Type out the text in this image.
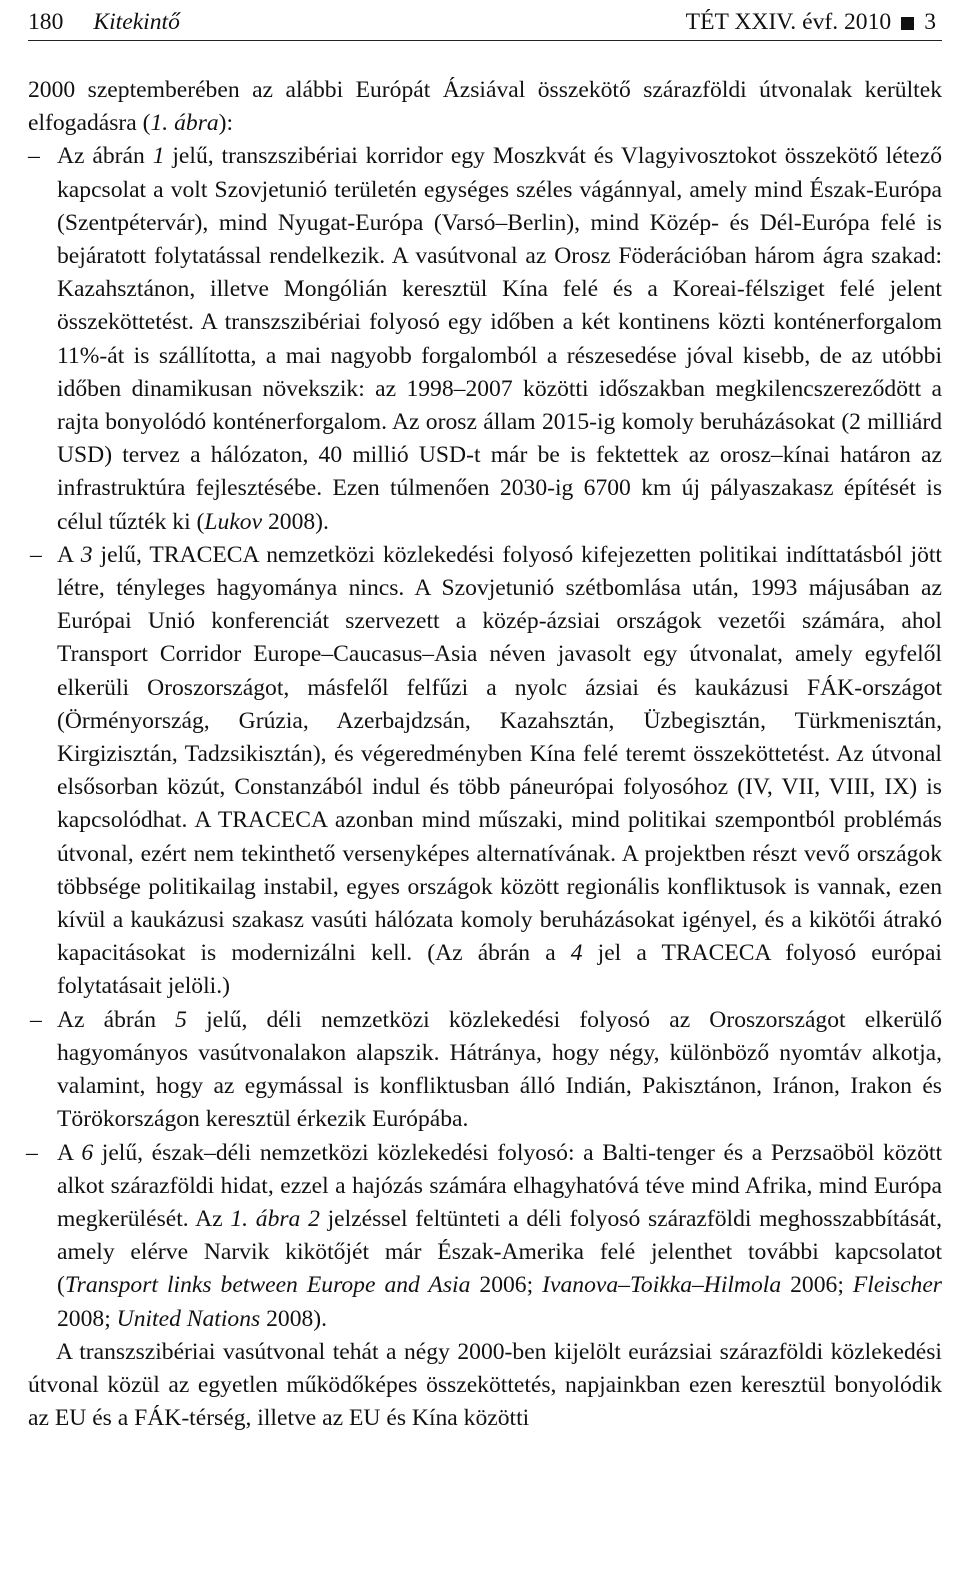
180 Kitekintő	TÉT XXIV. évf. 2010 3

2000 szeptemberében az alábbi Európát Ázsiával összekötő szárazföldi útvonalak kerültek elfogadásra (1. ábra):

– Az ábrán 1 jelű, transzszibériai korridor egy Moszkvát és Vlagyivosztokot összekötő létező kapcsolat a volt Szovjetunió területén egységes széles vágánnyal, amely mind Észak-Európa (Szentpétervár), mind Nyugat-Európa (Varsó–Berlin), mind Közép- és Dél-Európa felé is bejáratott folytatással rendelkezik. A vasútvonal az Orosz Föderációban három ágra szakad: Kazahsztánon, illetve Mongólián keresztül Kína felé és a Koreai-félsziget felé jelent összeköttetést. A transzszibériai folyosó egy időben a két kontinens közti konténerforgalom 11%-át is szállította, a mai nagyobb forgalomból a részesedése jóval kisebb, de az utóbbi időben dinamikusan növekszik: az 1998–2007 közötti időszakban megkilencszereződött a rajta bonyolódó konténerforgalom. Az orosz állam 2015-ig komoly beruházásokat (2 milliárd USD) tervez a hálózaton, 40 millió USD-t már be is fektettek az orosz–kínai határon az infrastruktúra fejlesztésébe. Ezen túlmenően 2030-ig 6700 km új pályaszakasz építését is célul tűzték ki (Lukov 2008).
– A 3 jelű, TRACECA nemzetközi közlekedési folyosó kifejezetten politikai indíttatásból jött létre, tényleges hagyománya nincs. A Szovjetunió szétbomlása után, 1993 májusában az Európai Unió konferenciát szervezett a közép-ázsiai országok vezetői számára, ahol Transport Corridor Europe–Caucasus–Asia néven javasolt egy útvonalat, amely egyfelől elkerüli Oroszországot, másfelől felfűzi a nyolc ázsiai és kaukázusi FÁK-országot (Örményország, Grúzia, Azerbajdzsán, Kazahsztán, Üzbegisztán, Türkmenisztán, Kirgizisztán, Tadzsikisztán), és végeredményben Kína felé teremt összeköttetést. Az útvonal elsősorban közút, Constanzából indul és több páneurópai folyosóhoz (IV, VII, VIII, IX) is kapcsolódhat. A TRACECA azonban mind műszaki, mind politikai szempontból problémás útvonal, ezért nem tekinthető versenyképes alternatívának. A projektben részt vevő országok többsége politikailag instabil, egyes országok között regionális konfliktusok is vannak, ezen kívül a kaukázusi szakasz vasúti hálózata komoly beruházásokat igényel, és a kikötői átrakó kapacitásokat is modernizálni kell. (Az ábrán a 4 jel a TRACECA folyosó európai folytatásait jelöli.)
– Az ábrán 5 jelű, déli nemzetközi közlekedési folyosó az Oroszországot elkerülő hagyományos vasútvonalakon alapszik. Hátránya, hogy négy, különböző nyomtáv alkotja, valamint, hogy az egymással is konfliktusban álló Indián, Pakisztánon, Iránon, Irakon és Törökországon keresztül érkezik Európába.
– A 6 jelű, észak–déli nemzetközi közlekedési folyosó: a Balti-tenger és a Perzsaöböl között alkot szárazföldi hidat, ezzel a hajózás számára elhagyhatóvá téve mind Afrika, mind Európa megkerülését. Az 1. ábra 2 jelzéssel feltünteti a déli folyosó szárazföldi meghosszabbítását, amely elérve Narvik kikötőjét már Észak-Amerika felé jelenthet további kapcsolatot (Transport links between Europe and Asia 2006; Ivanova–Toikka–Hilmola 2006; Fleischer 2008; United Nations 2008).

A transzszibériai vasútvonal tehát a négy 2000-ben kijelölt eurázsiai szárazföldi közlekedési útvonal közül az egyetlen működőképes összeköttetés, napjainkban ezen keresztül bonyolódik az EU és a FÁK-térség, illetve az EU és Kína közötti
